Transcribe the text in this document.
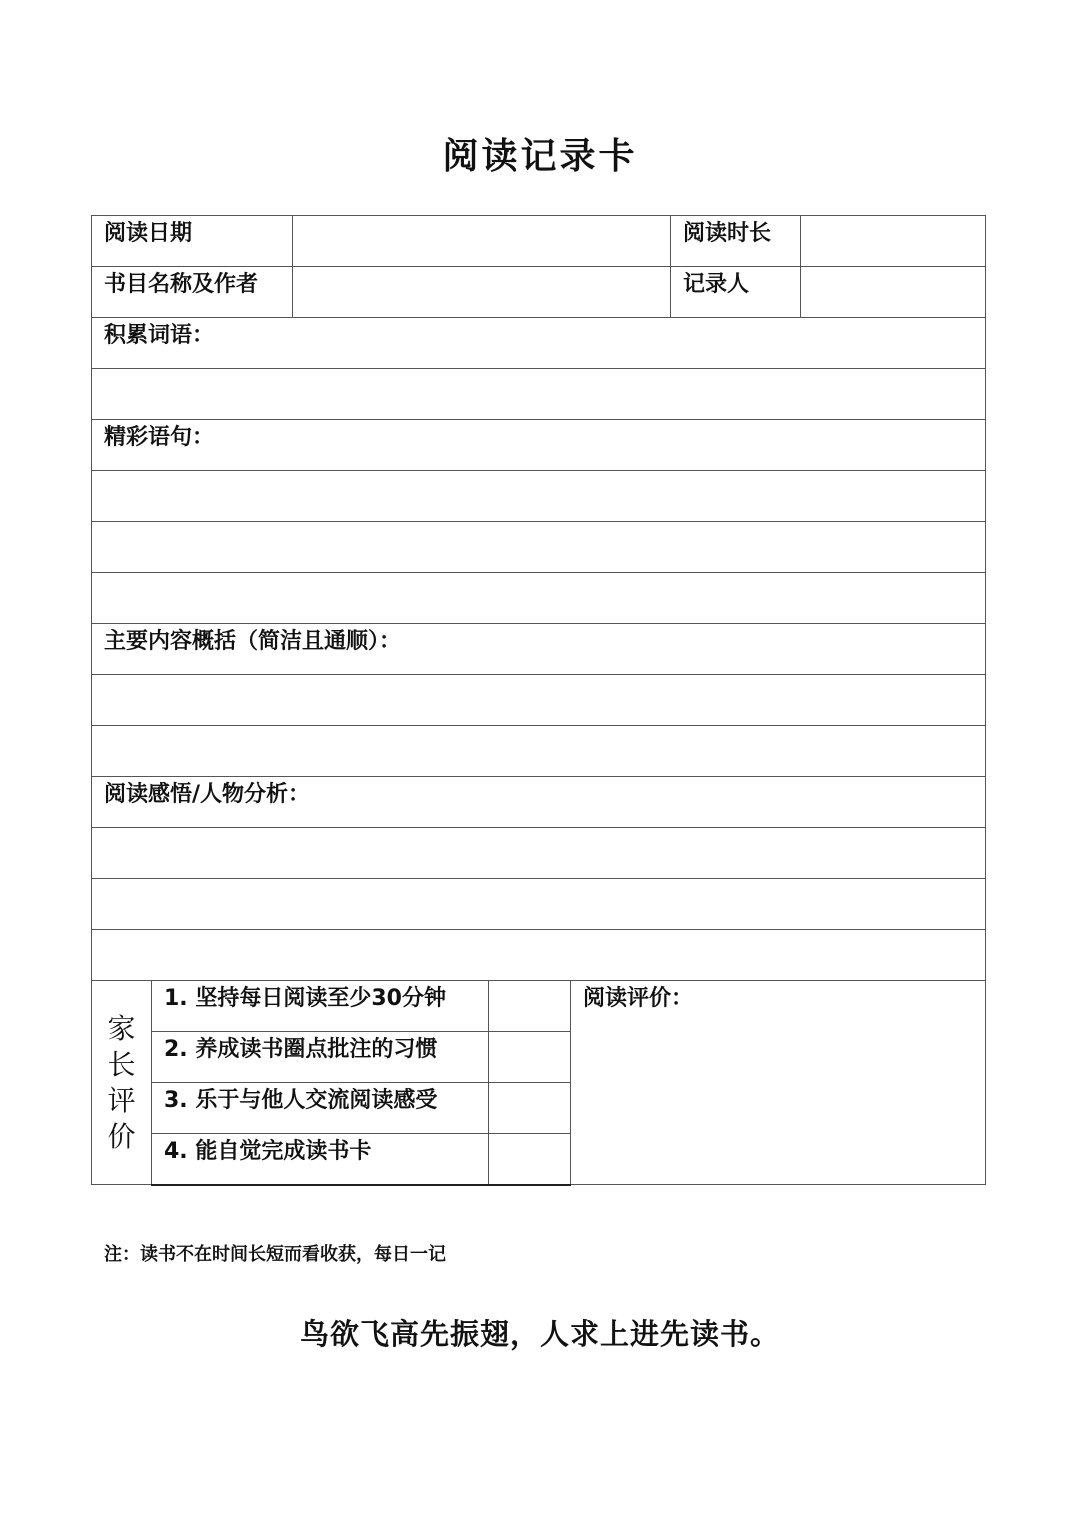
阅读记录卡
阅读日期					阅读时长	
书目名称及作者					记录人	
积累词语：						

精彩语句：						

主要内容概括（简洁且通顺）：						

阅读感悟/人物分析：						

家
长
评
价	1. 坚持每日阅读至少30分钟			阅读评价：		
	2. 养成读书圈点批注的习惯					
	3. 乐于与他人交流阅读感受					
	4. 能自觉完成读书卡					
注：读书不在时间长短而看收获，每日一记
鸟欲飞高先振翅，人求上进先读书。
